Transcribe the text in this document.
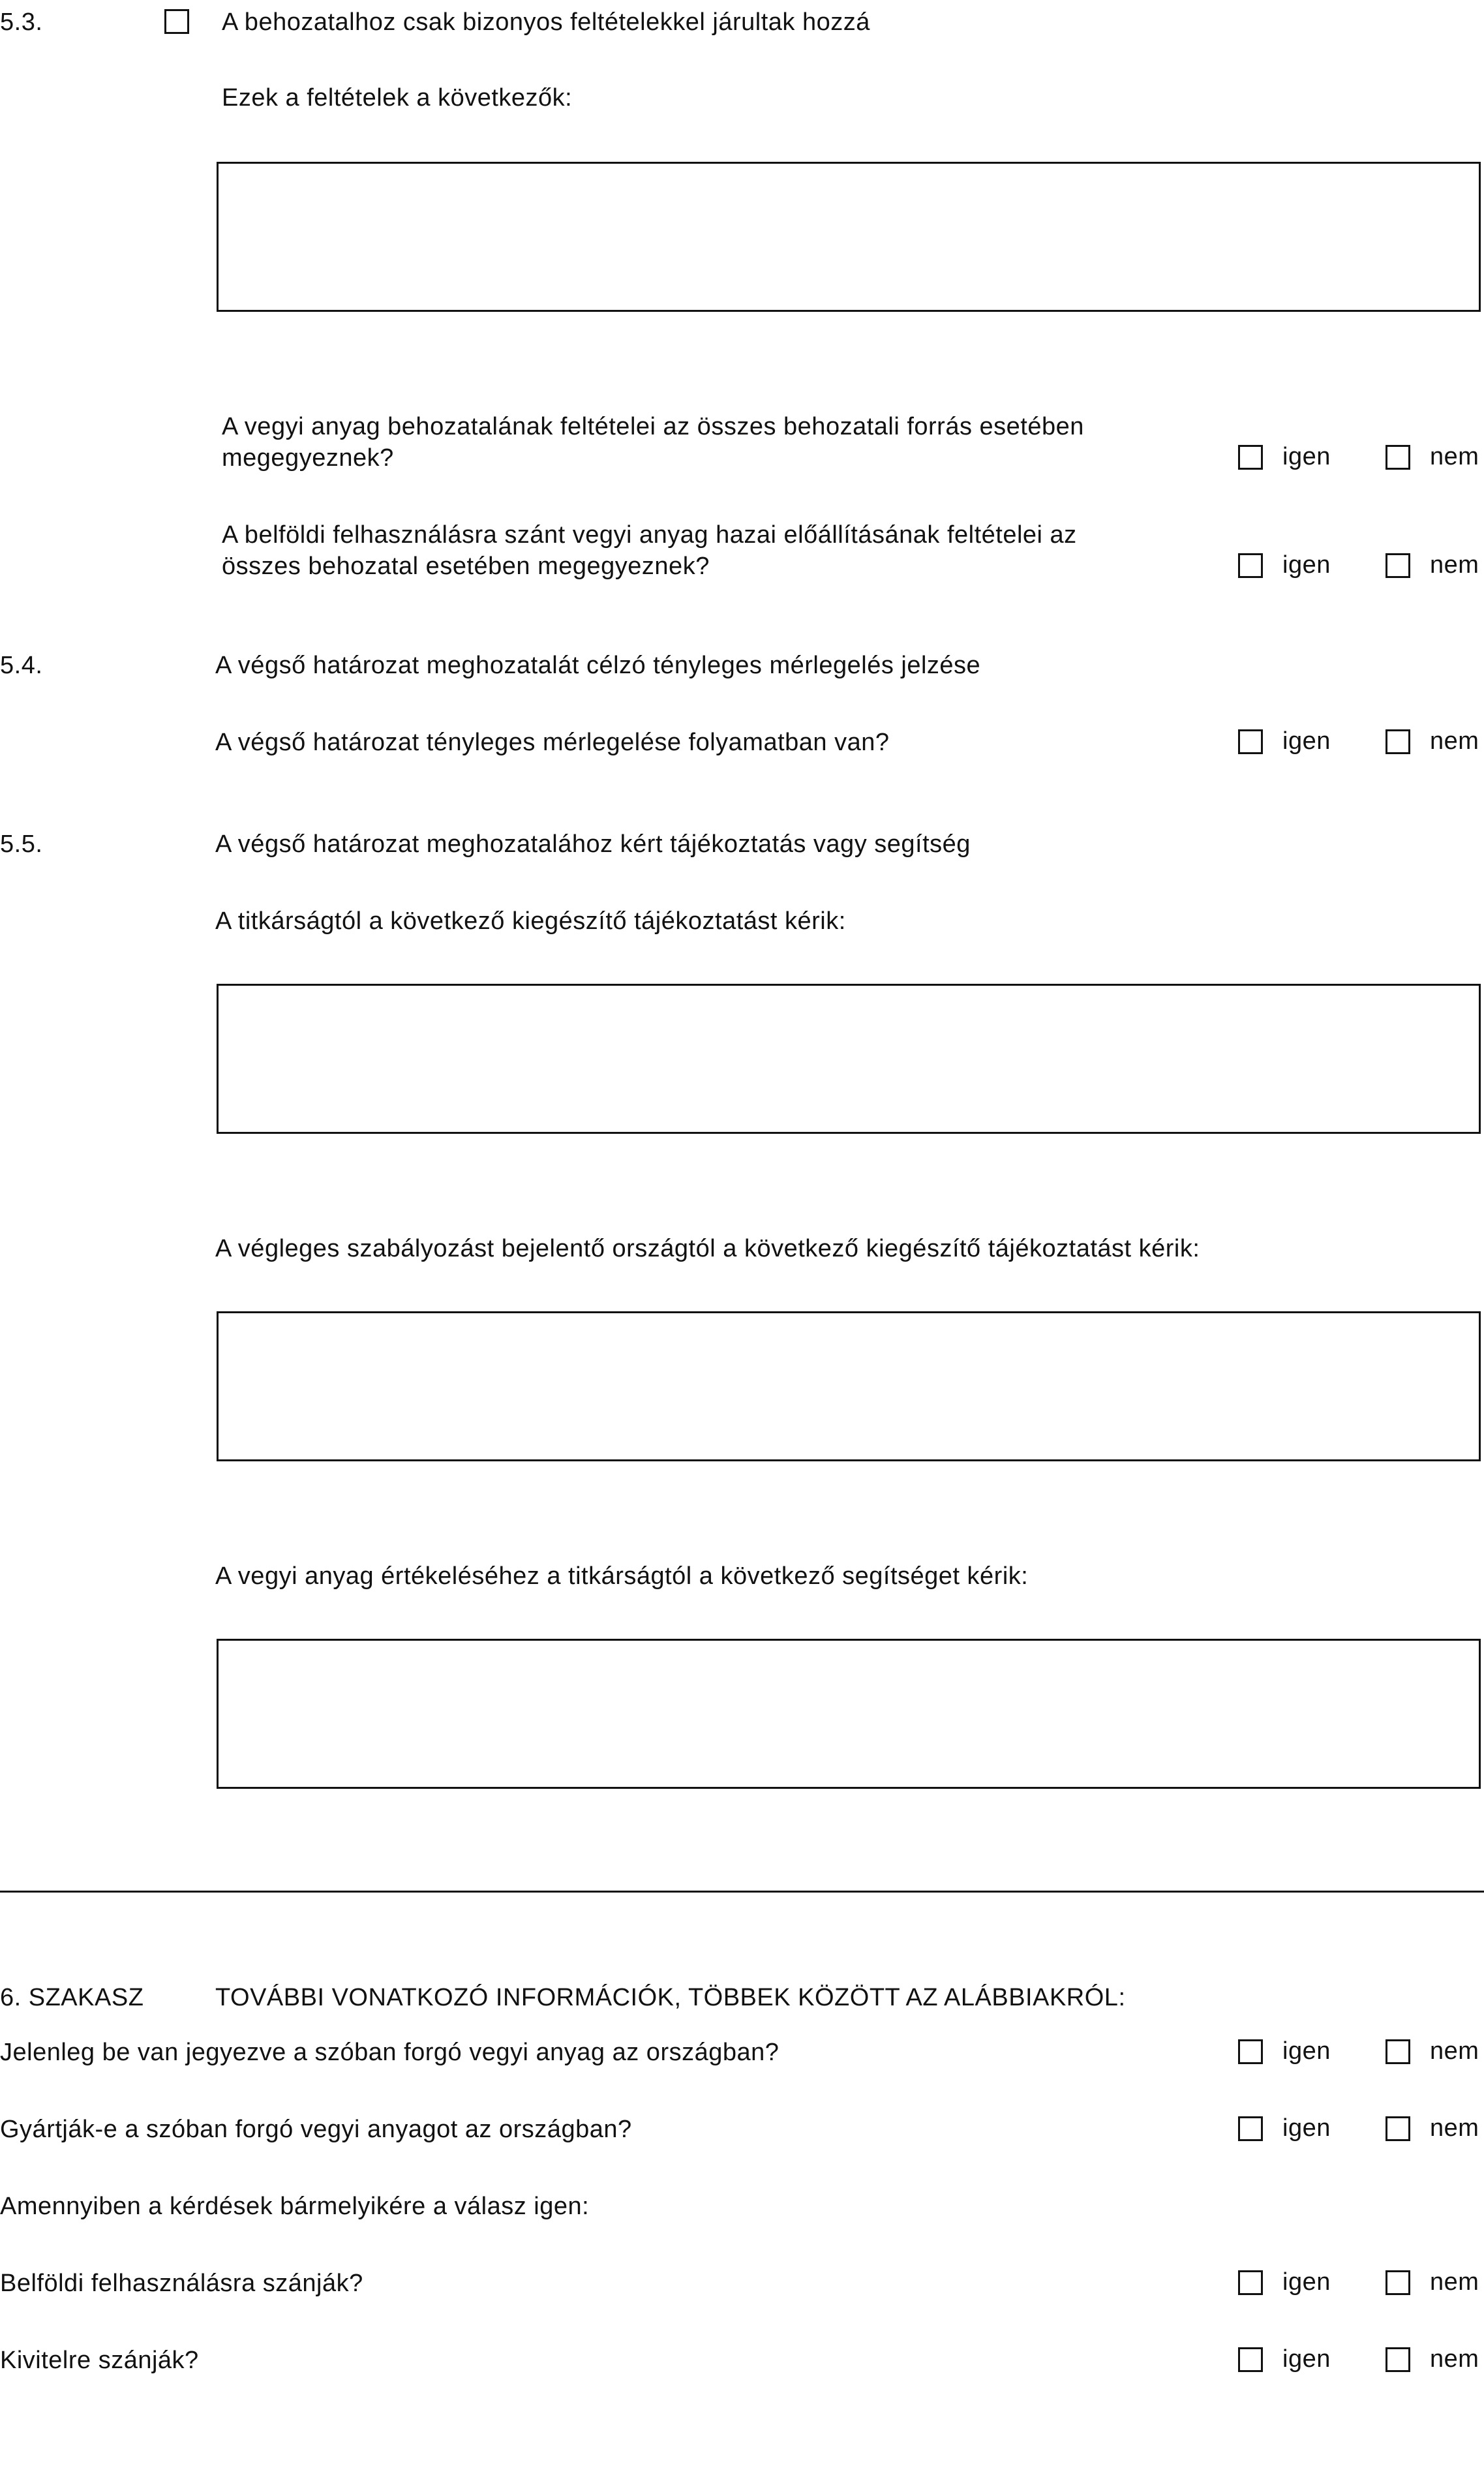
5.3.	A behozatalhoz csak bizonyos feltételekkel járultak hozzá
Ezek a feltételek a következők:
A vegyi anyag behozatalának feltételei az összes behozatali forrás esetében
megegyeznek?	igen	nem
A belföldi felhasználásra szánt vegyi anyag hazai előállításának feltételei az
összes behozatal esetében megegyeznek?	igen	nem
5.4.	A végső határozat meghozatalát célzó tényleges mérlegelés jelzése
A végső határozat tényleges mérlegelése folyamatban van?	igen	nem
5.5.	A végső határozat meghozatalához kért tájékoztatás vagy segítség
A titkárságtól a következő kiegészítő tájékoztatást kérik:
A végleges szabályozást bejelentő országtól a következő kiegészítő tájékoztatást kérik:
A vegyi anyag értékeléséhez a titkárságtól a következő segítséget kérik:
6. SZAKASZ	TOVÁBBI VONATKOZÓ INFORMÁCIÓK, TÖBBEK KÖZÖTT AZ ALÁBBIAKRÓL:
Jelenleg be van jegyezve a szóban forgó vegyi anyag az országban?	igen	nem
Gyártják-e a szóban forgó vegyi anyagot az országban?	igen	nem
Amennyiben a kérdések bármelyikére a válasz igen:
Belföldi felhasználásra szánják?	igen	nem
Kivitelre szánják?	igen	nem
